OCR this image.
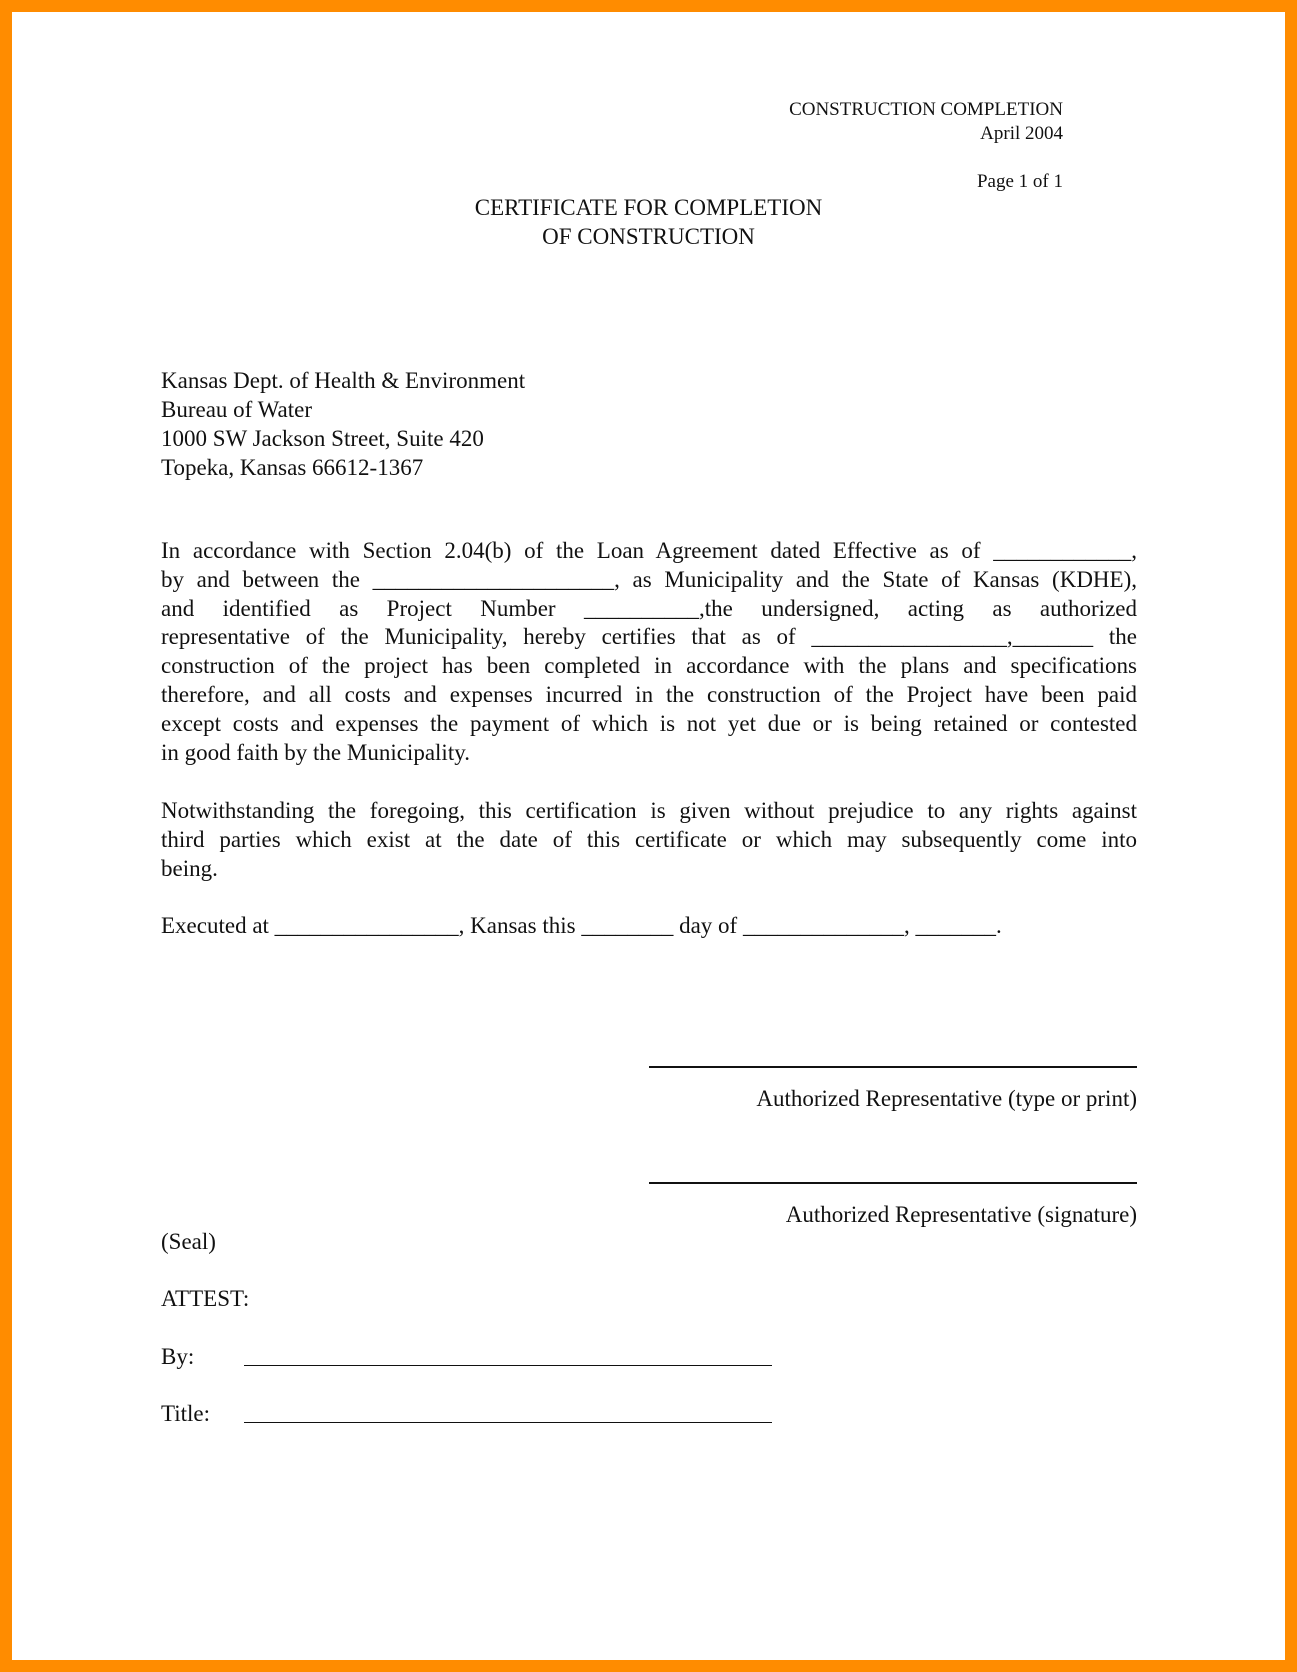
CONSTRUCTION COMPLETION
April 2004
Page 1 of 1
CERTIFICATE FOR COMPLETION
OF CONSTRUCTION
Kansas Dept. of Health & Environment
Bureau of Water
1000 SW Jackson Street, Suite 420
Topeka, Kansas 66612-1367
In accordance with Section 2.04(b) of the Loan Agreement dated Effective as of ____________,
by and between the _____________________, as Municipality and the State of Kansas (KDHE),
and identified as Project Number __________,the undersigned, acting as authorized
representative of the Municipality, hereby certifies that as of _________________,_______ the
construction of the project has been completed in accordance with the plans and specifications
therefore, and all costs and expenses incurred in the construction of the Project have been paid
except costs and expenses the payment of which is not yet due or is being retained or contested
in good faith by the Municipality.
Notwithstanding the foregoing, this certification is given without prejudice to any rights against
third parties which exist at the date of this certificate or which may subsequently come into
being.
Executed at ________________, Kansas this ________ day of ______________, _______.
Authorized Representative (type or print)
Authorized Representative (signature)
(Seal)
ATTEST:
By:
Title:
